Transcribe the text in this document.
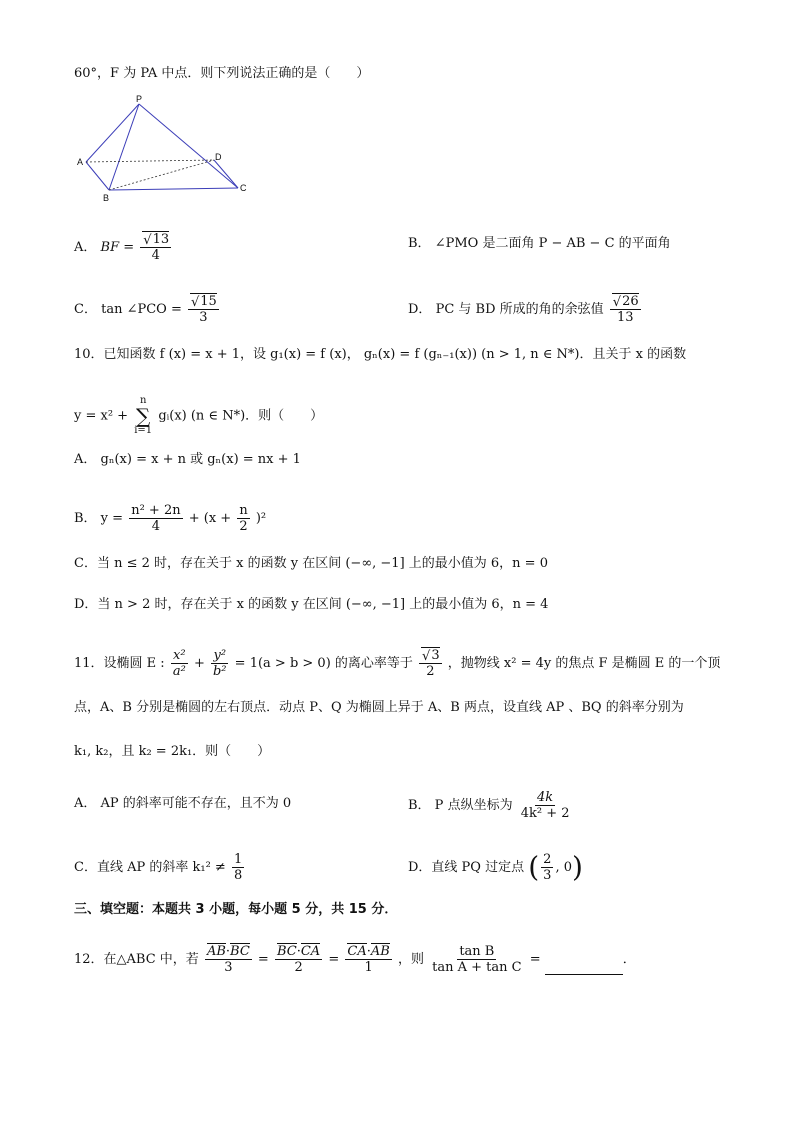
60°，F 为 PA 中点．则下列说法正确的是（　　）
P
A
B
C
D
A． BF = √ $\frac{13}{4}$	B． ∠PMO 是二面角 P − AB − C 的平面角
C． tan ∠PCO = √ $\frac{15}{3}$	D． PC 与 BD 所成的角的余弦值 √ $\frac{26}{13}$
10．已知函数 f (x) = x + 1，设 g₁(x) = f (x)， gₙ(x) = f (gₙ₋₁(x)) (n > 1, n ∈ N*)．且关于 x 的函数
y = x² +
n
∑
i=1
gᵢ(x) (n ∈ N*)．则（　　）
A． gₙ(x) = x + n 或 gₙ(x) = nx + 1
B． $y = \frac{\text{n² + 2n}}{4} + (x + \frac{n}{2} )^2$
C．当 n ≤ 2 时，存在关于 x 的函数 y 在区间 (−∞, −1] 上的最小值为 6，n = 0
D．当 n > 2 时，存在关于 x 的函数 y 在区间 (−∞, −1] 上的最小值为 6，n = 4
11．设椭圆 E : $\frac{\text{x²}}{\text{a²}} + \frac{\text{y²}}{\text{b²}} = 1(a > b > 0)$ 的离心率等于 √ $\frac{3}{2}$ ，抛物线 x² = 4y 的焦点 F 是椭圆 E 的一个顶
点，A、B 分别是椭圆的左右顶点．动点 P、Q 为椭圆上异于 A、B 两点，设直线 AP 、BQ 的斜率分别为
k₁, k₂，且 k₂ = 2k₁．则（　　）
A． AP 的斜率可能不存在，且不为 0	B． P 点纵坐标为 $\frac{4k}{\text{4k² + 2}}$
C．直线 AP 的斜率 $k_1^2 \ne \frac{1}{8}$	D．直线 PQ 过定点 ( $\frac{2}{3}$ , 0)
三、填空题：本题共 3 小题，每小题 5 分，共 15 分．
12．在△ABC 中，若 $\frac{AB\cdot BC}{3} = \frac{BC\cdot CA}{2} = \frac{CA\cdot AB}{1}$ ，则 $\frac{\text{tan B}}{\text{tan A + tan C}}$ =	．
